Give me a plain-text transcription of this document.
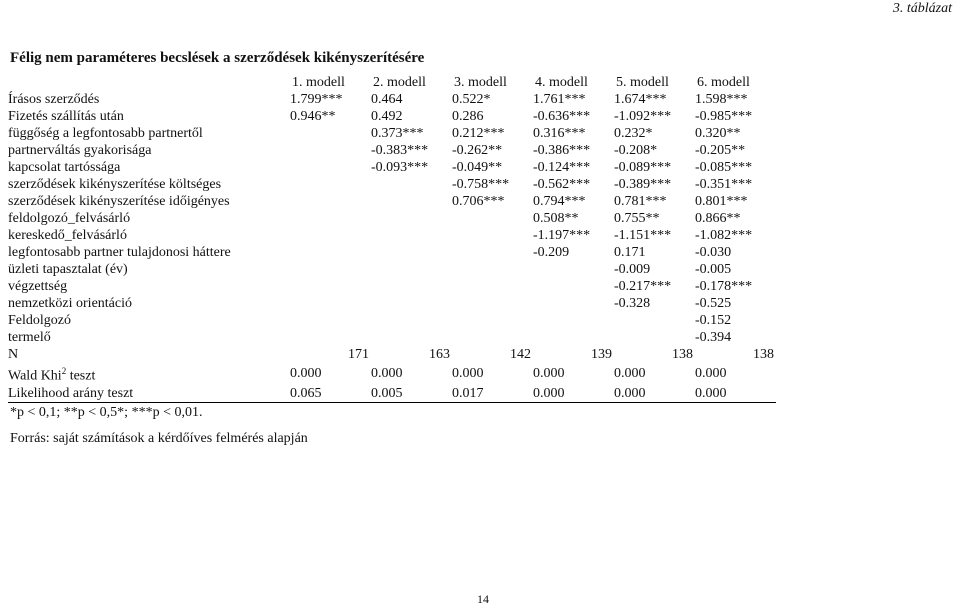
3. táblázat
Félig nem paraméteres becslések a szerződések kikényszerítésére
	1. modell	2. modell	3. modell	4. modell	5. modell	6. modell
Írásos szerződés	1.799***	0.464	0.522*	1.761***	1.674***	1.598***
Fizetés szállítás után	0.946**	0.492	0.286	-0.636***	-1.092***	-0.985***
függőség a legfontosabb partnertől		0.373***	0.212***	0.316***	0.232*	0.320**
partnerváltás gyakorisága		-0.383***	-0.262**	-0.386***	-0.208*	-0.205**
kapcsolat tartóssága		-0.093***	-0.049**	-0.124***	-0.089***	-0.085***
szerződések kikényszerítése költséges			-0.758***	-0.562***	-0.389***	-0.351***
szerződések kikényszerítése időigényes			0.706***	0.794***	0.781***	0.801***
feldolgozó_felvásárló				0.508**	0.755**	0.866**
kereskedő_felvásárló				-1.197***	-1.151***	-1.082***
legfontosabb partner tulajdonosi háttere				-0.209	0.171	-0.030
üzleti tapasztalat (év)					-0.009	-0.005
végzettség					-0.217***	-0.178***
nemzetközi orientáció					-0.328	-0.525
Feldolgozó						-0.152
termelő						-0.394
N	171	163	142	139	138	138
Wald Khi$^2$ teszt	0.000	0.000	0.000	0.000	0.000	0.000
Likelihood arány teszt	0.065	0.005	0.017	0.000	0.000	0.000
*p < 0,1; **p < 0,5*; ***p < 0,01.
Forrás: saját számítások a kérdőíves felmérés alapján
14
